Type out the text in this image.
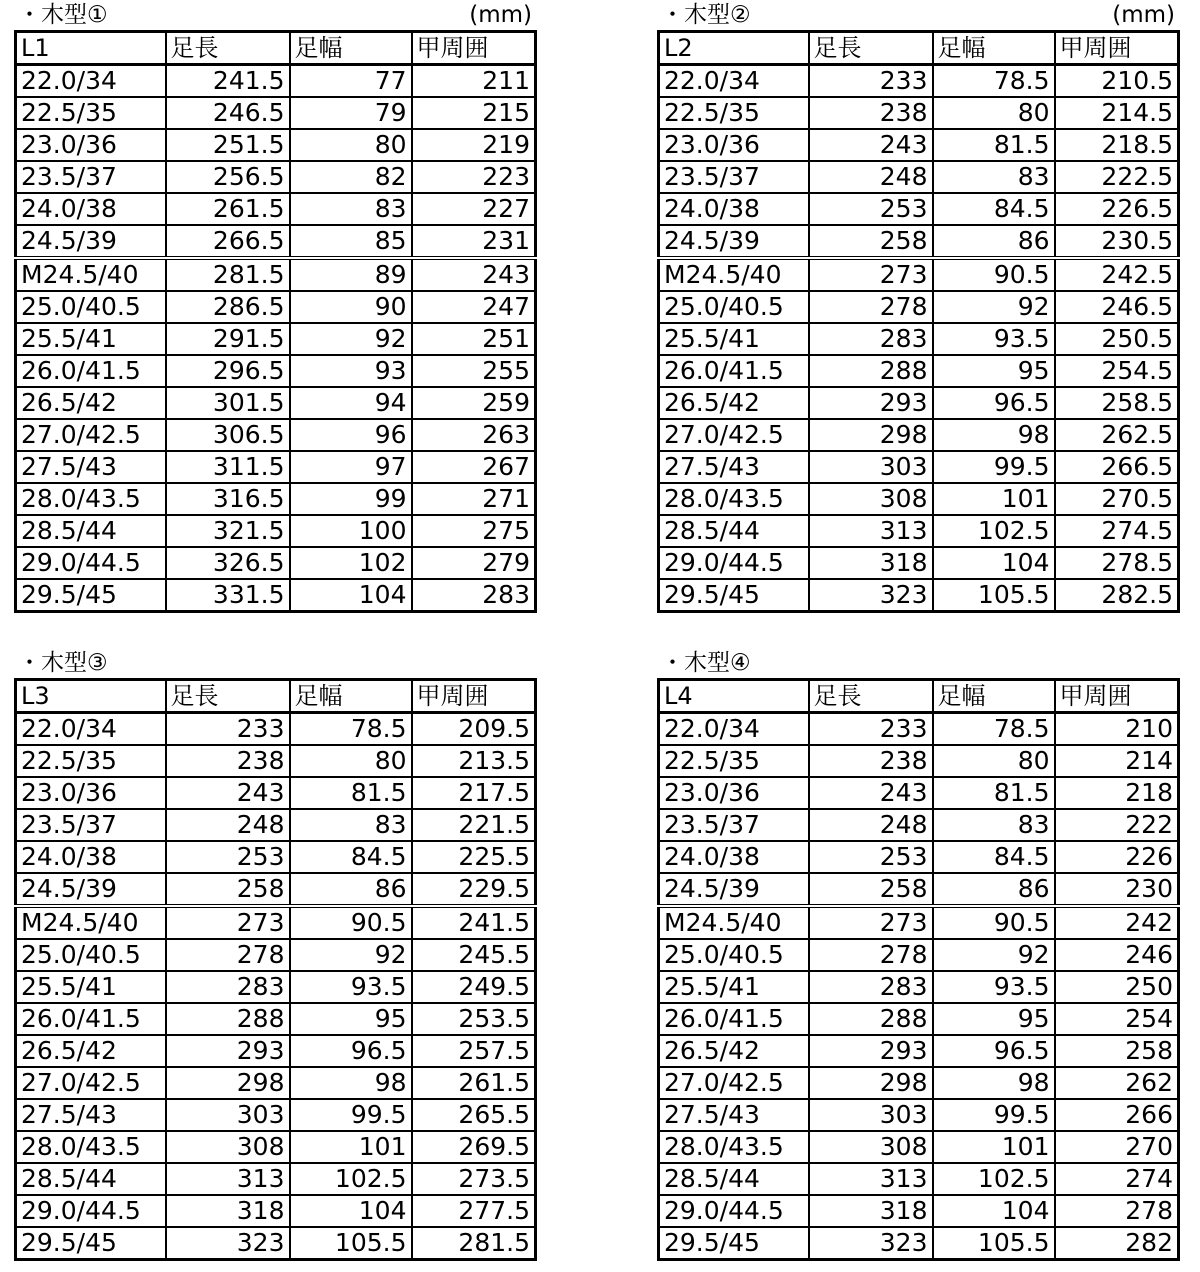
・木型①	(mm)
L1	足長	足幅	甲周囲
22.0/34	241.5	77	211
22.5/35	246.5	79	215
23.0/36	251.5	80	219
23.5/37	256.5	82	223
24.0/38	261.5	83	227
24.5/39	266.5	85	231
M24.5/40	281.5	89	243
25.0/40.5	286.5	90	247
25.5/41	291.5	92	251
26.0/41.5	296.5	93	255
26.5/42	301.5	94	259
27.0/42.5	306.5	96	263
27.5/43	311.5	97	267
28.0/43.5	316.5	99	271
28.5/44	321.5	100	275
29.0/44.5	326.5	102	279
29.5/45	331.5	104	283
・木型②	(mm)
L2	足長	足幅	甲周囲
22.0/34	233	78.5	210.5
22.5/35	238	80	214.5
23.0/36	243	81.5	218.5
23.5/37	248	83	222.5
24.0/38	253	84.5	226.5
24.5/39	258	86	230.5
M24.5/40	273	90.5	242.5
25.0/40.5	278	92	246.5
25.5/41	283	93.5	250.5
26.0/41.5	288	95	254.5
26.5/42	293	96.5	258.5
27.0/42.5	298	98	262.5
27.5/43	303	99.5	266.5
28.0/43.5	308	101	270.5
28.5/44	313	102.5	274.5
29.0/44.5	318	104	278.5
29.5/45	323	105.5	282.5
・木型③
L3	足長	足幅	甲周囲
22.0/34	233	78.5	209.5
22.5/35	238	80	213.5
23.0/36	243	81.5	217.5
23.5/37	248	83	221.5
24.0/38	253	84.5	225.5
24.5/39	258	86	229.5
M24.5/40	273	90.5	241.5
25.0/40.5	278	92	245.5
25.5/41	283	93.5	249.5
26.0/41.5	288	95	253.5
26.5/42	293	96.5	257.5
27.0/42.5	298	98	261.5
27.5/43	303	99.5	265.5
28.0/43.5	308	101	269.5
28.5/44	313	102.5	273.5
29.0/44.5	318	104	277.5
29.5/45	323	105.5	281.5
・木型④
L4	足長	足幅	甲周囲
22.0/34	233	78.5	210
22.5/35	238	80	214
23.0/36	243	81.5	218
23.5/37	248	83	222
24.0/38	253	84.5	226
24.5/39	258	86	230
M24.5/40	273	90.5	242
25.0/40.5	278	92	246
25.5/41	283	93.5	250
26.0/41.5	288	95	254
26.5/42	293	96.5	258
27.0/42.5	298	98	262
27.5/43	303	99.5	266
28.0/43.5	308	101	270
28.5/44	313	102.5	274
29.0/44.5	318	104	278
29.5/45	323	105.5	282
